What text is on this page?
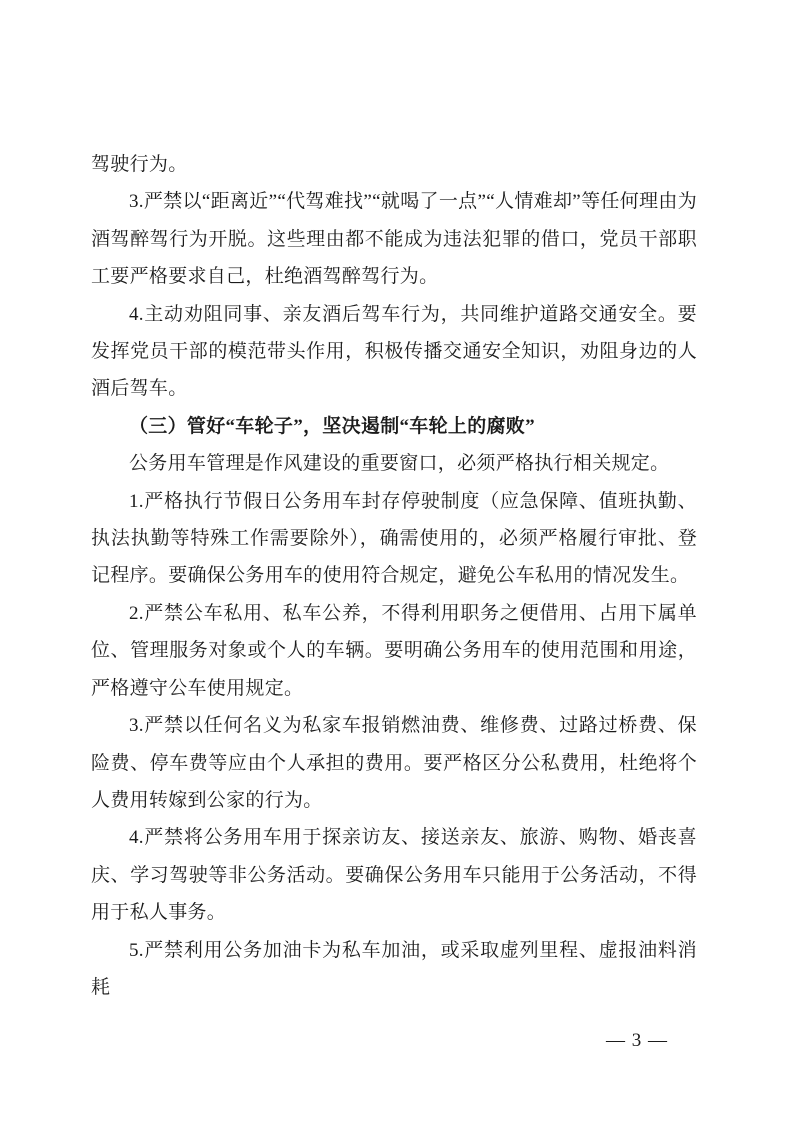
驾驶行为。

3.严禁以“距离近”“代驾难找”“就喝了一点”“人情难却”等任何理由为酒驾醉驾行为开脱。这些理由都不能成为违法犯罪的借口，党员干部职工要严格要求自己，杜绝酒驾醉驾行为。

4.主动劝阻同事、亲友酒后驾车行为，共同维护道路交通安全。要发挥党员干部的模范带头作用，积极传播交通安全知识，劝阻身边的人酒后驾车。

（三）管好“车轮子”，坚决遏制“车轮上的腐败”

公务用车管理是作风建设的重要窗口，必须严格执行相关规定。

1.严格执行节假日公务用车封存停驶制度（应急保障、值班执勤、执法执勤等特殊工作需要除外），确需使用的，必须严格履行审批、登记程序。要确保公务用车的使用符合规定，避免公车私用的情况发生。

2.严禁公车私用、私车公养，不得利用职务之便借用、占用下属单位、管理服务对象或个人的车辆。要明确公务用车的使用范围和用途，严格遵守公车使用规定。

3.严禁以任何名义为私家车报销燃油费、维修费、过路过桥费、保险费、停车费等应由个人承担的费用。要严格区分公私费用，杜绝将个人费用转嫁到公家的行为。

4.严禁将公务用车用于探亲访友、接送亲友、旅游、购物、婚丧喜庆、学习驾驶等非公务活动。要确保公务用车只能用于公务活动，不得用于私人事务。

5.严禁利用公务加油卡为私车加油，或采取虚列里程、虚报油料消耗

— 3 —
